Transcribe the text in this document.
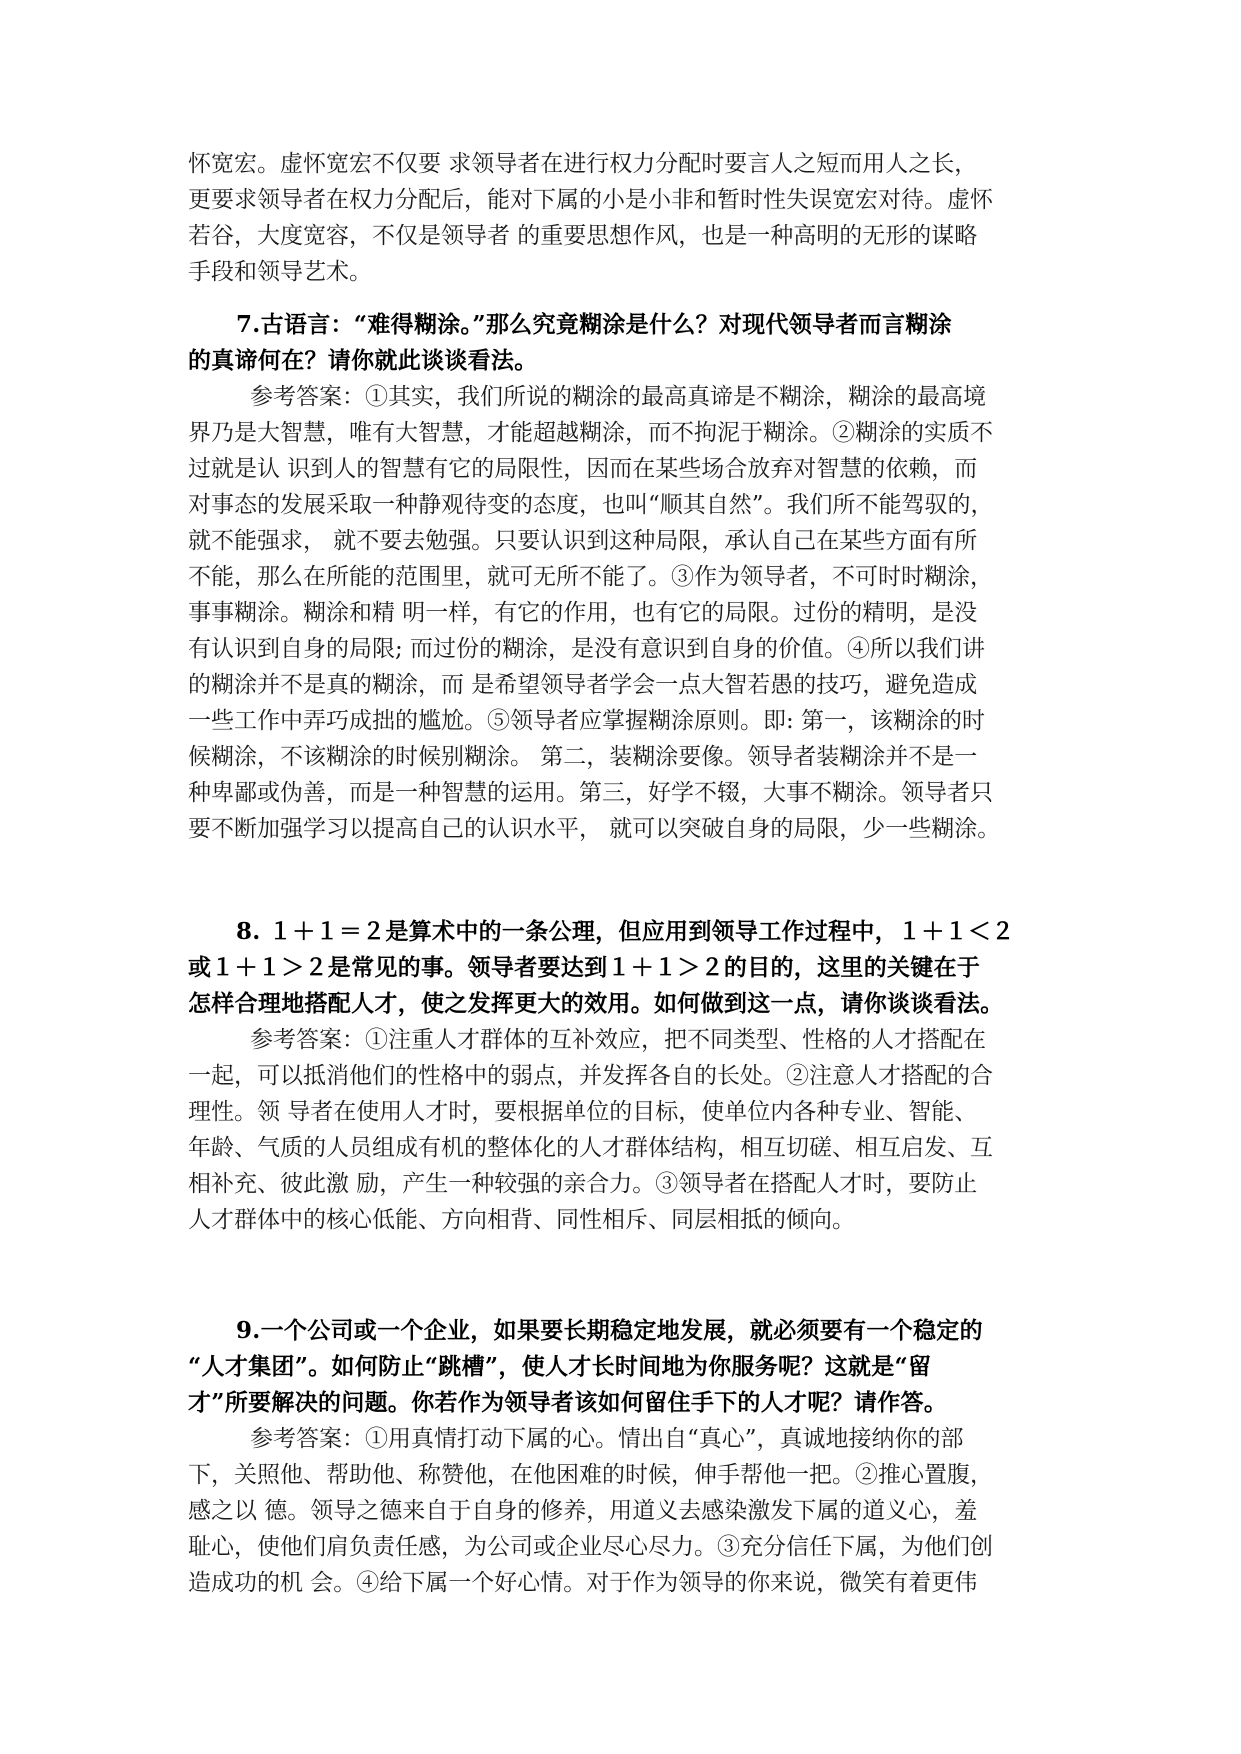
怀宽宏。虚怀宽宏不仅要 求领导者在进行权力分配时要言人之短而用人之长，
更要求领导者在权力分配后，能对下属的小是小非和暂时性失误宽宏对待。虚怀
若谷，大度宽容，不仅是领导者 的重要思想作风，也是一种高明的无形的谋略
手段和领导艺术。
7.古语言：“难得糊涂。”那么究竟糊涂是什么？对现代领导者而言糊涂
的真谛何在？请你就此谈谈看法。
参考答案：①其实，我们所说的糊涂的最高真谛是不糊涂，糊涂的最高境
界乃是大智慧，唯有大智慧，才能超越糊涂，而不拘泥于糊涂。②糊涂的实质不
过就是认 识到人的智慧有它的局限性，因而在某些场合放弃对智慧的依赖，而
对事态的发展采取一种静观待变的态度，也叫“顺其自然”。我们所不能驾驭的，
就不能强求， 就不要去勉强。只要认识到这种局限，承认自己在某些方面有所
不能，那么在所能的范围里，就可无所不能了。③作为领导者，不可时时糊涂，
事事糊涂。糊涂和精 明一样，有它的作用，也有它的局限。过份的精明，是没
有认识到自身的局限; 而过份的糊涂，是没有意识到自身的价值。④所以我们讲
的糊涂并不是真的糊涂，而 是希望领导者学会一点大智若愚的技巧，避免造成
一些工作中弄巧成拙的尴尬。⑤领导者应掌握糊涂原则。即: 第一，该糊涂的时
候糊涂，不该糊涂的时候别糊涂。 第二，装糊涂要像。领导者装糊涂并不是一
种卑鄙或伪善，而是一种智慧的运用。第三，好学不辍，大事不糊涂。领导者只
要不断加强学习以提高自己的认识水平， 就可以突破自身的局限，少一些糊涂。
8. １＋１＝２是算术中的一条公理，但应用到领导工作过程中，１＋１＜２
或１＋１＞２是常见的事。领导者要达到１＋１＞２的目的，这里的关键在于
怎样合理地搭配人才，使之发挥更大的效用。如何做到这一点，请你谈谈看法。
参考答案：①注重人才群体的互补效应，把不同类型、性格的人才搭配在
一起，可以抵消他们的性格中的弱点，并发挥各自的长处。②注意人才搭配的合
理性。领 导者在使用人才时，要根据单位的目标，使单位内各种专业、智能、
年龄、气质的人员组成有机的整体化的人才群体结构，相互切磋、相互启发、互
相补充、彼此激 励，产生一种较强的亲合力。③领导者在搭配人才时，要防止
人才群体中的核心低能、方向相背、同性相斥、同层相抵的倾向。
9.一个公司或一个企业，如果要长期稳定地发展，就必须要有一个稳定的
“人才集团”。如何防止“跳槽”，使人才长时间地为你服务呢？这就是“留
才”所要解决的问题。你若作为领导者该如何留住手下的人才呢？请作答。
参考答案：①用真情打动下属的心。情出自“真心”，真诚地接纳你的部
下，关照他、帮助他、称赞他，在他困难的时候，伸手帮他一把。②推心置腹，
感之以 德。领导之德来自于自身的修养，用道义去感染激发下属的道义心，羞
耻心，使他们肩负责任感，为公司或企业尽心尽力。③充分信任下属，为他们创
造成功的机 会。④给下属一个好心情。对于作为领导的你来说，微笑有着更伟
